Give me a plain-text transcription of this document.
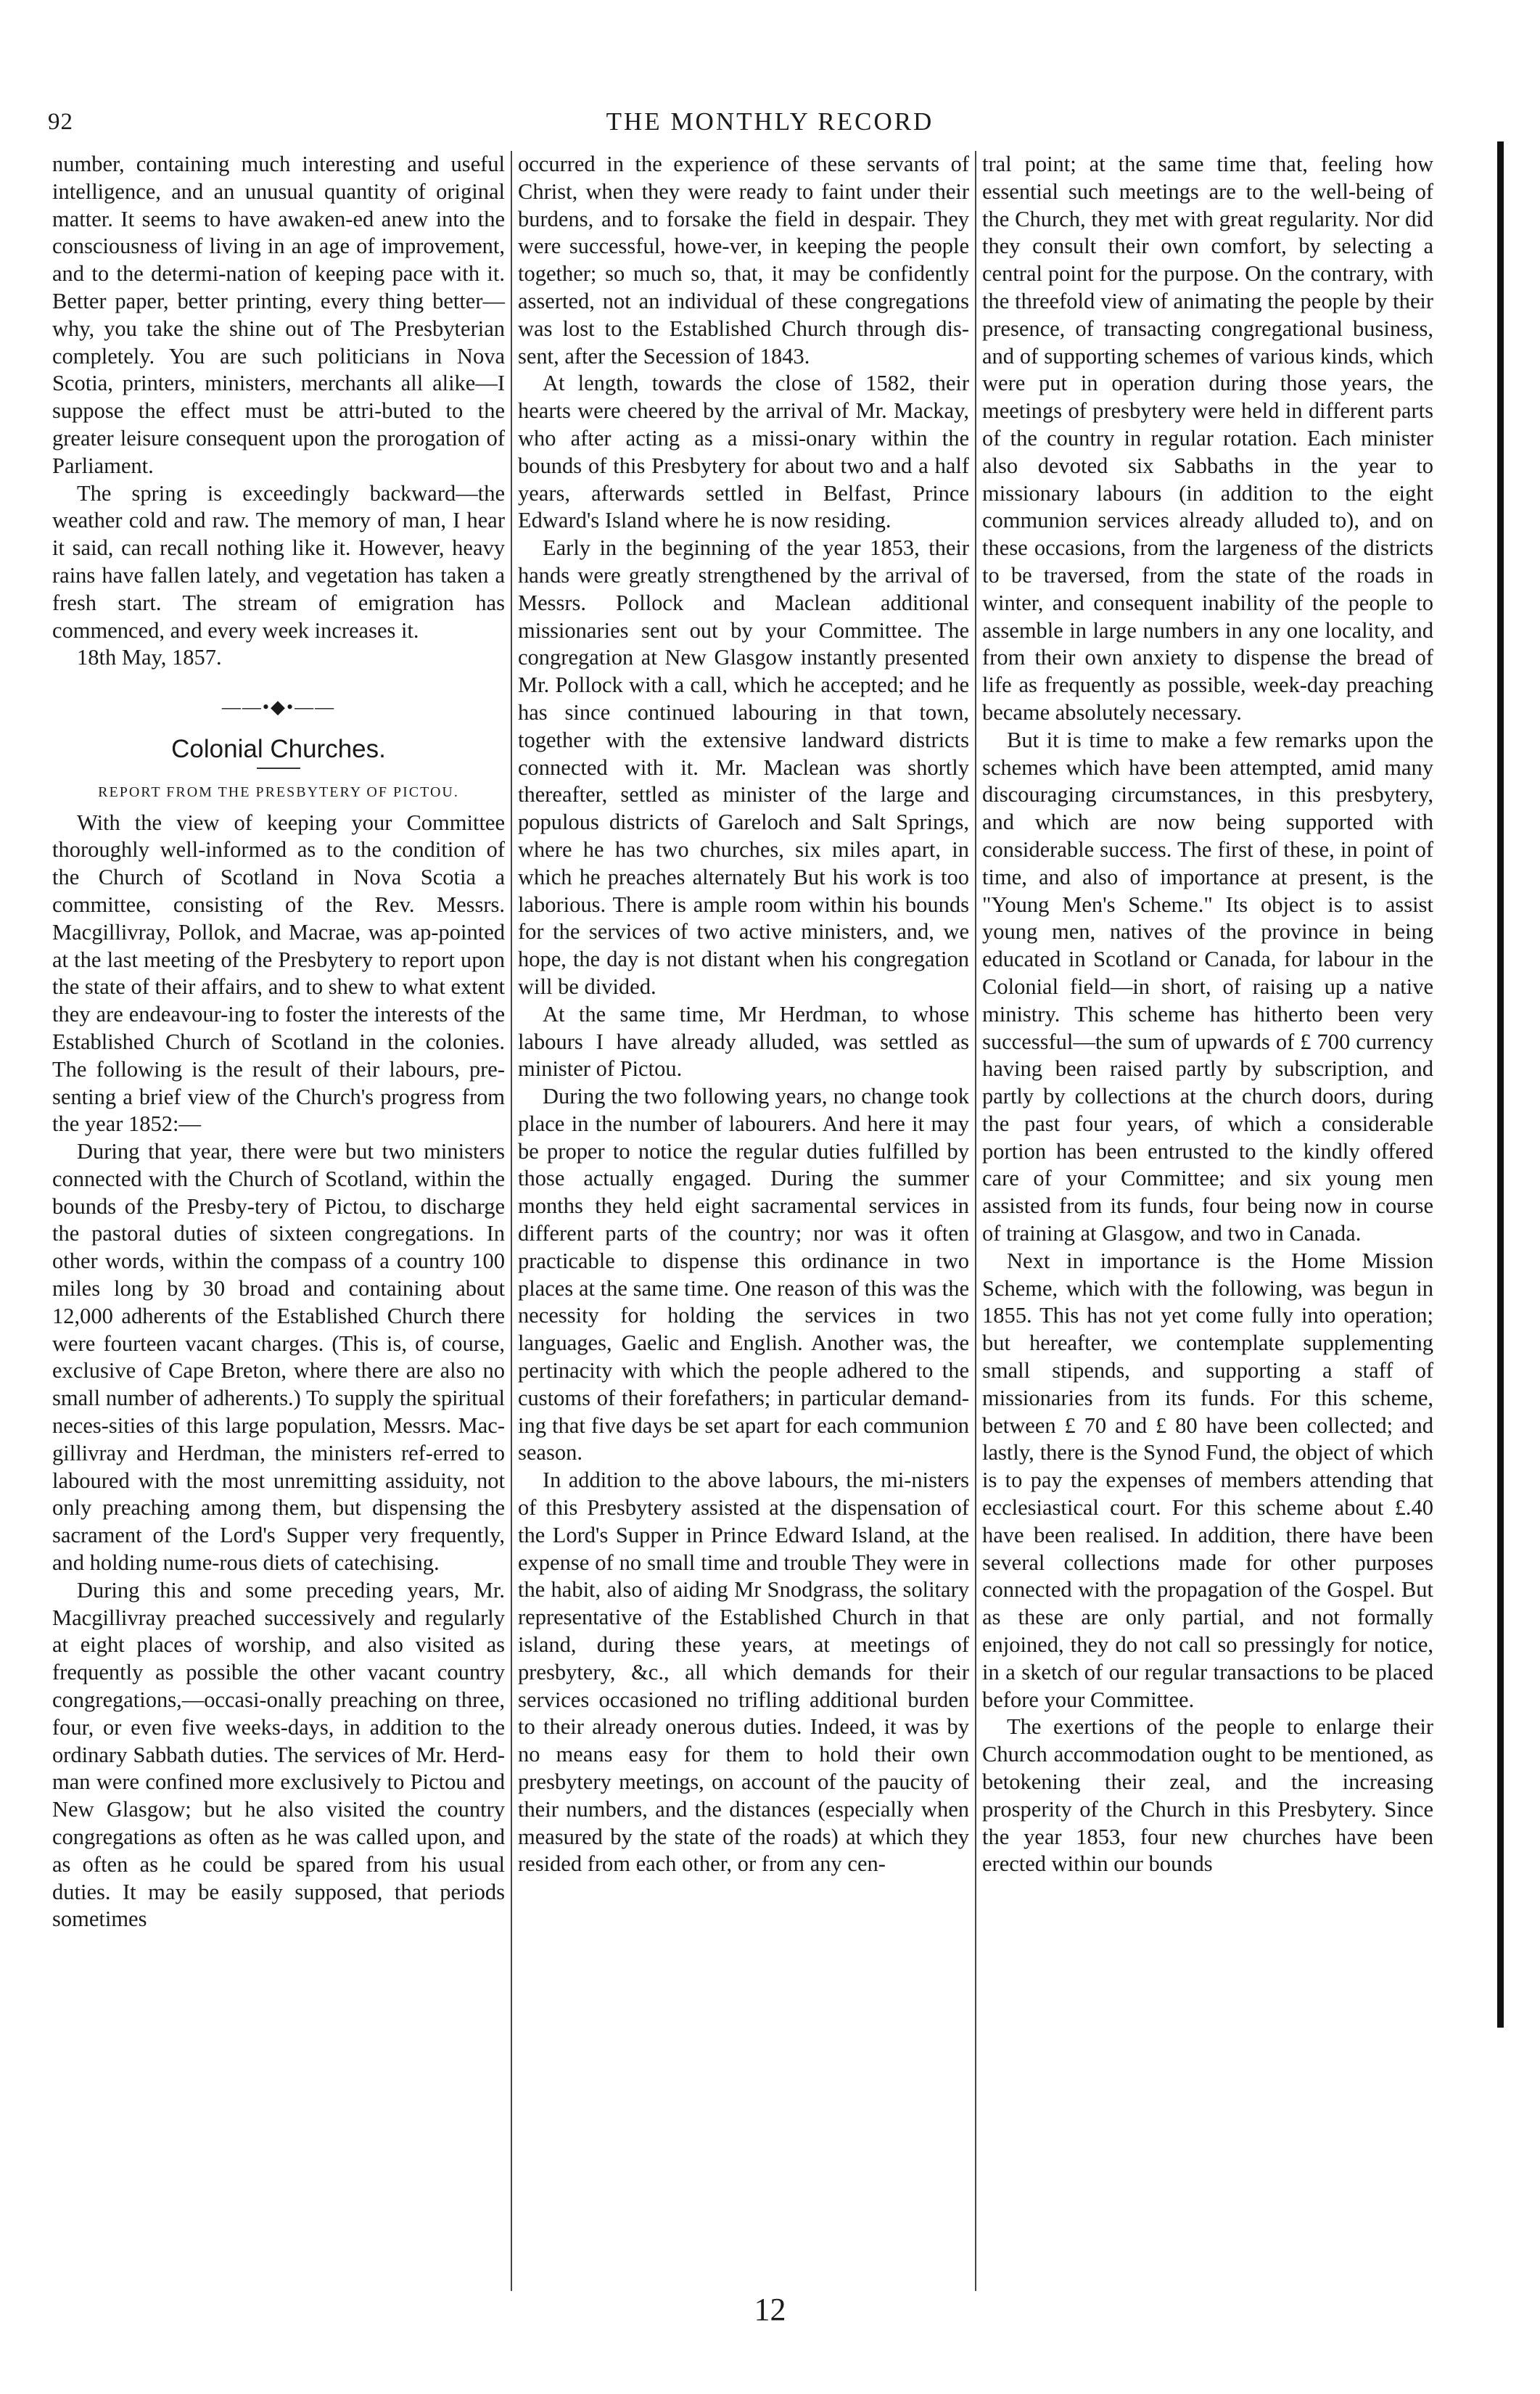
92	THE MONTHLY RECORD

number, containing much interesting and useful intelligence, and an unusual quantity of original matter. It seems to have awaken-ed anew into the consciousness of living in an age of improvement, and to the determi-nation of keeping pace with it. Better paper, better printing, every thing better—why, you take the shine out of The Presbyterian completely. You are such politicians in Nova Scotia, printers, ministers, merchants all alike—I suppose the effect must be attri-buted to the greater leisure consequent upon the prorogation of Parliament.

The spring is exceedingly backward—the weather cold and raw. The memory of man, I hear it said, can recall nothing like it. However, heavy rains have fallen lately, and vegetation has taken a fresh start. The stream of emigration has commenced, and every week increases it.

18th May, 1857.

——•◆•——
Colonial Churches.
REPORT FROM THE PRESBYTERY OF PICTOU.

With the view of keeping your Committee thoroughly well-informed as to the condition of the Church of Scotland in Nova Scotia a committee, consisting of the Rev. Messrs. Macgillivray, Pollok, and Macrae, was ap-pointed at the last meeting of the Presbytery to report upon the state of their affairs, and to shew to what extent they are endeavour-ing to foster the interests of the Established Church of Scotland in the colonies. The following is the result of their labours, pre-senting a brief view of the Church's progress from the year 1852:—

During that year, there were but two ministers connected with the Church of Scotland, within the bounds of the Presby-tery of Pictou, to discharge the pastoral duties of sixteen congregations. In other words, within the compass of a country 100 miles long by 30 broad and containing about 12,000 adherents of the Established Church there were fourteen vacant charges. (This is, of course, exclusive of Cape Breton, where there are also no small number of adherents.) To supply the spiritual neces-sities of this large population, Messrs. Mac-gillivray and Herdman, the ministers ref-erred to laboured with the most unremitting assiduity, not only preaching among them, but dispensing the sacrament of the Lord's Supper very frequently, and holding nume-rous diets of catechising.

During this and some preceding years, Mr. Macgillivray preached successively and regularly at eight places of worship, and also visited as frequently as possible the other vacant country congregations,—occasi-onally preaching on three, four, or even five weeks-days, in addition to the ordinary Sabbath duties. The services of Mr. Herd-man were confined more exclusively to Pictou and New Glasgow; but he also visited the country congregations as often as he was called upon, and as often as he could be spared from his usual duties. It may be easily supposed, that periods sometimes

occurred in the experience of these servants of Christ, when they were ready to faint under their burdens, and to forsake the field in despair. They were successful, howe-ver, in keeping the people together; so much so, that, it may be confidently asserted, not an individual of these congregations was lost to the Established Church through dis-sent, after the Secession of 1843.

At length, towards the close of 1582, their hearts were cheered by the arrival of Mr. Mackay, who after acting as a missi-onary within the bounds of this Presbytery for about two and a half years, afterwards settled in Belfast, Prince Edward's Island where he is now residing.

Early in the beginning of the year 1853, their hands were greatly strengthened by the arrival of Messrs. Pollock and Maclean additional missionaries sent out by your Committee. The congregation at New Glasgow instantly presented Mr. Pollock with a call, which he accepted; and he has since continued labouring in that town, together with the extensive landward districts connected with it. Mr. Maclean was shortly thereafter, settled as minister of the large and populous districts of Gareloch and Salt Springs, where he has two churches, six miles apart, in which he preaches alternately But his work is too laborious. There is ample room within his bounds for the services of two active ministers, and, we hope, the day is not distant when his congregation will be divided.

At the same time, Mr Herdman, to whose labours I have already alluded, was settled as minister of Pictou.

During the two following years, no change took place in the number of labourers. And here it may be proper to notice the regular duties fulfilled by those actually engaged. During the summer months they held eight sacramental services in different parts of the country; nor was it often practicable to dispense this ordinance in two places at the same time. One reason of this was the necessity for holding the services in two languages, Gaelic and English. Another was, the pertinacity with which the people adhered to the customs of their forefathers; in particular demand-ing that five days be set apart for each communion season.

In addition to the above labours, the mi-nisters of this Presbytery assisted at the dispensation of the Lord's Supper in Prince Edward Island, at the expense of no small time and trouble They were in the habit, also of aiding Mr Snodgrass, the solitary representative of the Established Church in that island, during these years, at meetings of presbytery, &c., all which demands for their services occasioned no trifling additional burden to their already onerous duties. Indeed, it was by no means easy for them to hold their own presbytery meetings, on account of the paucity of their numbers, and the distances (especially when measured by the state of the roads) at which they resided from each other, or from any cen-

tral point; at the same time that, feeling how essential such meetings are to the well-being of the Church, they met with great regularity. Nor did they consult their own comfort, by selecting a central point for the purpose. On the contrary, with the threefold view of animating the people by their presence, of transacting congregational business, and of supporting schemes of various kinds, which were put in operation during those years, the meetings of presbytery were held in different parts of the country in regular rotation. Each minister also devoted six Sabbaths in the year to missionary labours (in addition to the eight communion services already alluded to), and on these occasions, from the largeness of the districts to be traversed, from the state of the roads in winter, and consequent inability of the people to assemble in large numbers in any one locality, and from their own anxiety to dispense the bread of life as frequently as possible, week-day preaching became absolutely necessary.

But it is time to make a few remarks upon the schemes which have been attempted, amid many discouraging circumstances, in this presbytery, and which are now being supported with considerable success. The first of these, in point of time, and also of importance at present, is the "Young Men's Scheme." Its object is to assist young men, natives of the province in being educated in Scotland or Canada, for labour in the Colonial field—in short, of raising up a native ministry. This scheme has hitherto been very successful—the sum of upwards of £ 700 currency having been raised partly by subscription, and partly by collections at the church doors, during the past four years, of which a considerable portion has been entrusted to the kindly offered care of your Committee; and six young men assisted from its funds, four being now in course of training at Glasgow, and two in Canada.

Next in importance is the Home Mission Scheme, which with the following, was begun in 1855. This has not yet come fully into operation; but hereafter, we contemplate supplementing small stipends, and supporting a staff of missionaries from its funds. For this scheme, between £ 70 and £ 80 have been collected; and lastly, there is the Synod Fund, the object of which is to pay the expenses of members attending that ecclesiastical court. For this scheme about £.40 have been realised. In addition, there have been several collections made for other purposes connected with the propagation of the Gospel. But as these are only partial, and not formally enjoined, they do not call so pressingly for notice, in a sketch of our regular transactions to be placed before your Committee.

The exertions of the people to enlarge their Church accommodation ought to be mentioned, as betokening their zeal, and the increasing prosperity of the Church in this Presbytery. Since the year 1853, four new churches have been erected within our bounds

12
